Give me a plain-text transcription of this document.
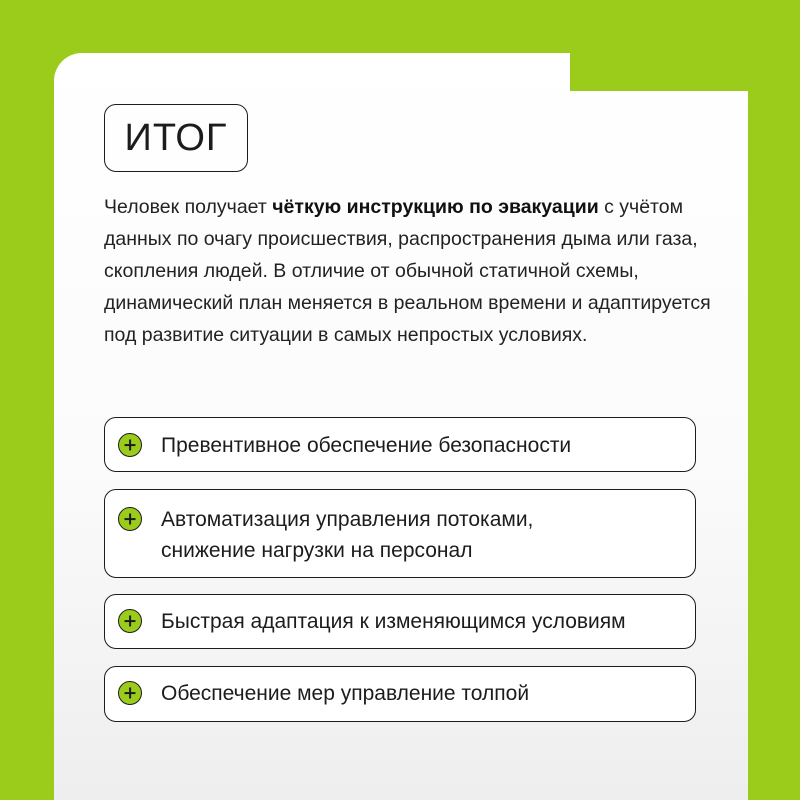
ИТОГ
Человек получает чёткую инструкцию по эвакуации с учётом данных по очагу происшествия, распространения дыма или газа, скопления людей. В отличие от обычной статичной схемы, динамический план меняется в реальном времени и адаптируется под развитие ситуации в самых непростых условиях.
Превентивное обеспечение безопасности
Автоматизация управления потоками,
снижение нагрузки на персонал
Быстрая адаптация к изменяющимся условиям
Обеспечение мер управление толпой
